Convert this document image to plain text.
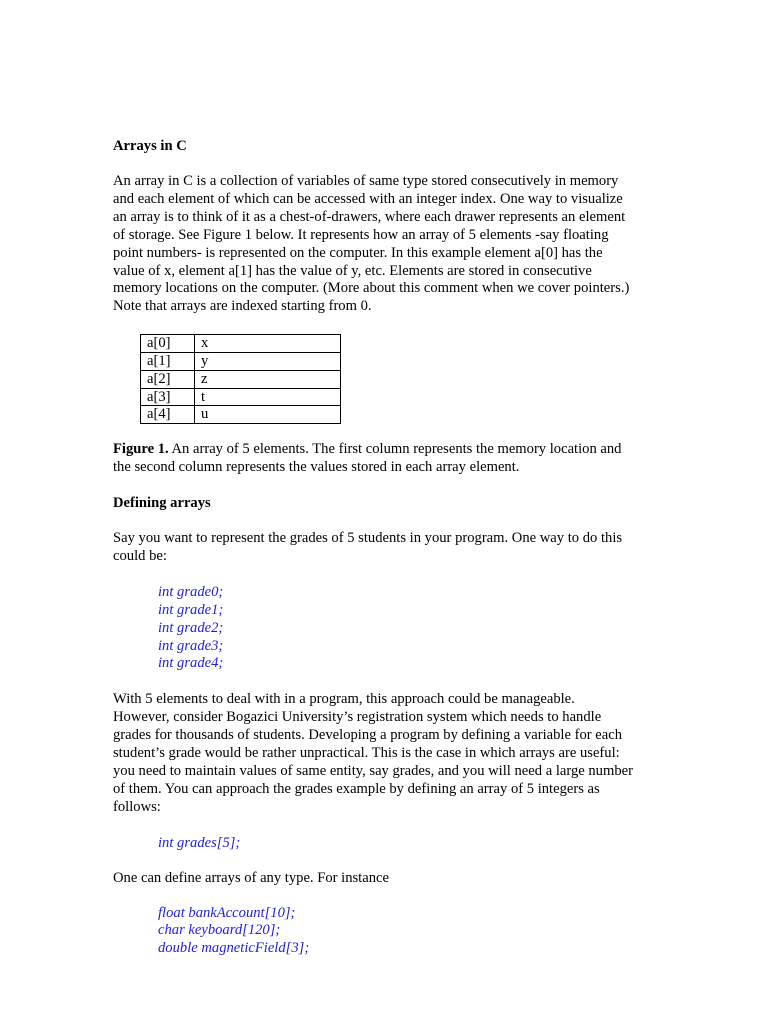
Arrays in C

An array in C is a collection of variables of same type stored consecutively in memory
and each element of which can be accessed with an integer index. One way to visualize
an array is to think of it as a chest-of-drawers, where each drawer represents an element
of storage. See Figure 1 below. It represents how an array of 5 elements -say floating
point numbers- is represented on the computer. In this example element a[0] has the
value of x, element a[1] has the value of y, etc. Elements are stored in consecutive
memory locations on the computer. (More about this comment when we cover pointers.)
Note that arrays are indexed starting from 0.

a[0]	x
a[1]	y
a[2]	z
a[3]	t
a[4]	u

Figure 1. An array of 5 elements. The first column represents the memory location and
the second column represents the values stored in each array element.

Defining arrays

Say you want to represent the grades of 5 students in your program. One way to do this
could be:

int grade0;
int grade1;
int grade2;
int grade3;
int grade4;

With 5 elements to deal with in a program, this approach could be manageable.
However, consider Bogazici University’s registration system which needs to handle
grades for thousands of students. Developing a program by defining a variable for each
student’s grade would be rather unpractical. This is the case in which arrays are useful:
you need to maintain values of same entity, say grades, and you will need a large number
of them. You can approach the grades example by defining an array of 5 integers as
follows:

int grades[5];

One can define arrays of any type. For instance

float bankAccount[10];
char keyboard[120];
double magneticField[3];
